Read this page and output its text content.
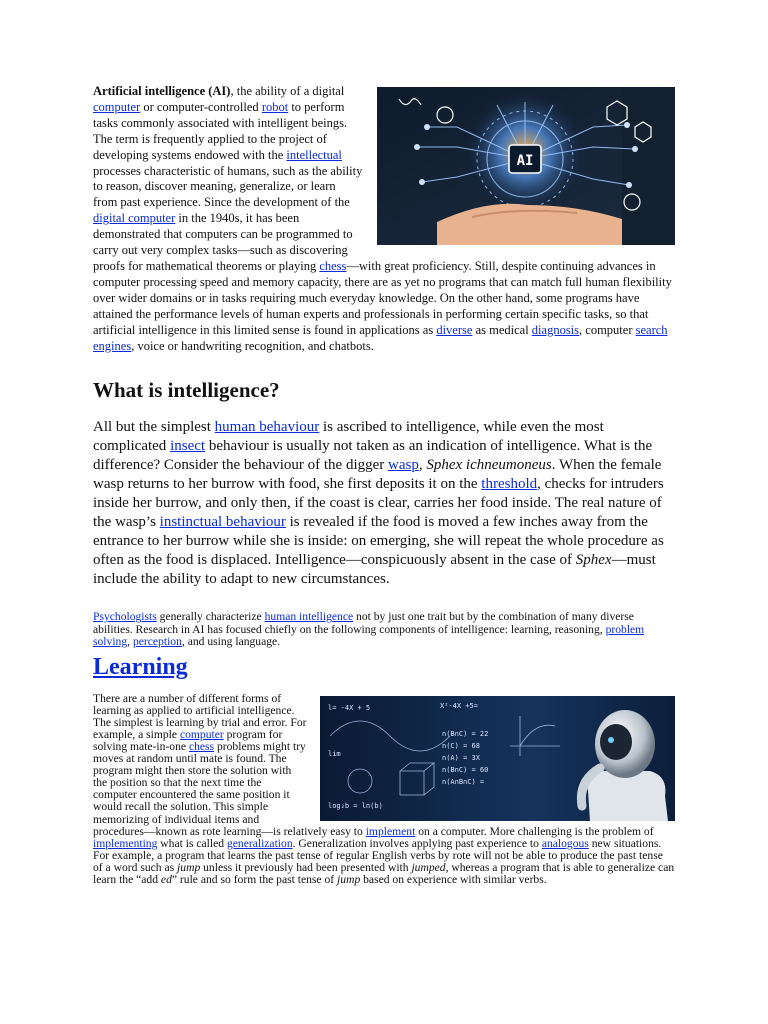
AI
Artificial intelligence (AI), the ability of a digital computer or computer-controlled robot to perform tasks commonly associated with intelligent beings. The term is frequently applied to the project of developing systems endowed with the intellectual processes characteristic of humans, such as the ability to reason, discover meaning, generalize, or learn from past experience. Since the development of the digital computer in the 1940s, it has been demonstrated that computers can be programmed to carry out very complex tasks—such as discovering proofs for mathematical theorems or playing chess—with great proficiency. Still, despite continuing advances in computer processing speed and memory capacity, there are as yet no programs that can match full human flexibility over wider domains or in tasks requiring much everyday knowledge. On the other hand, some programs have attained the performance levels of human experts and professionals in performing certain specific tasks, so that artificial intelligence in this limited sense is found in applications as diverse as medical diagnosis, computer search engines, voice or handwriting recognition, and chatbots.

What is intelligence?

All but the simplest human behaviour is ascribed to intelligence, while even the most complicated insect behaviour is usually not taken as an indication of intelligence. What is the difference? Consider the behaviour of the digger wasp, Sphex ichneumoneus. When the female wasp returns to her burrow with food, she first deposits it on the threshold, checks for intruders inside her burrow, and only then, if the coast is clear, carries her food inside. The real nature of the wasp’s instinctual behaviour is revealed if the food is moved a few inches away from the entrance to her burrow while she is inside: on emerging, she will repeat the whole procedure as often as the food is displaced. Intelligence—conspicuously absent in the case of Sphex—must include the ability to adapt to new circumstances.

Psychologists generally characterize human intelligence not by just one trait but by the combination of many diverse abilities. Research in AI has focused chiefly on the following components of intelligence: learning, reasoning, problem solving, perception, and using language.

Learning

l= -4X + 5	X²-4X +5=
n(B∩C) = 22
n(C) = 68
n(A) = 3X
n(B∩C) = 60
n(A∩B∩C) =
log₂b = ln(b)
lim
There are a number of different forms of learning as applied to artificial intelligence. The simplest is learning by trial and error. For example, a simple computer program for solving mate-in-one chess problems might try moves at random until mate is found. The program might then store the solution with the position so that the next time the computer encountered the same position it would recall the solution. This simple memorizing of individual items and procedures—known as rote learning—is relatively easy to implement on a computer. More challenging is the problem of implementing what is called generalization. Generalization involves applying past experience to analogous new situations. For example, a program that learns the past tense of regular English verbs by rote will not be able to produce the past tense of a word such as jump unless it previously had been presented with jumped, whereas a program that is able to generalize can learn the “add ed” rule and so form the past tense of jump based on experience with similar verbs.
